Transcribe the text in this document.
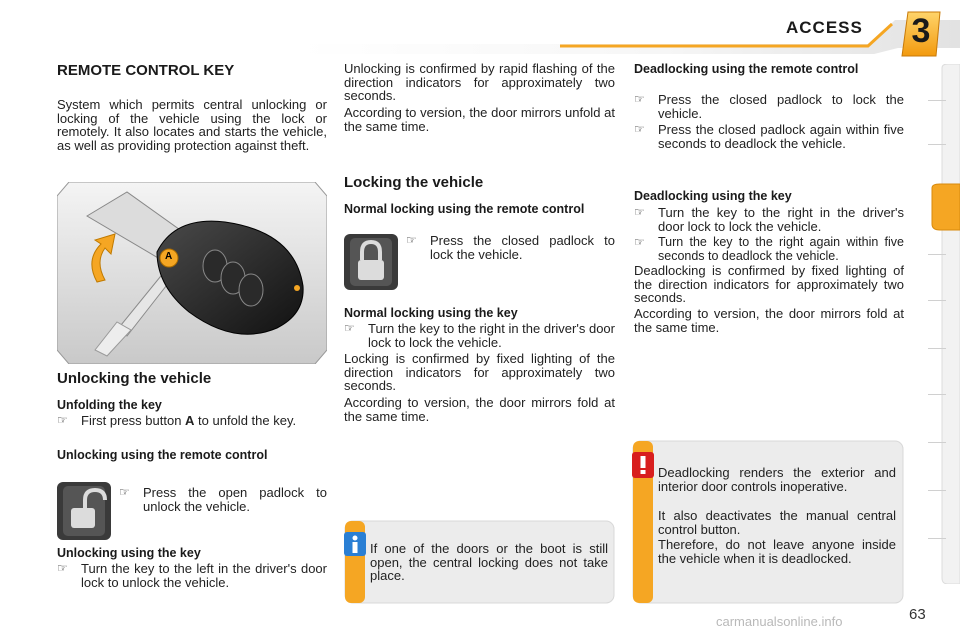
ACCESS 3
REMOTE CONTROL KEY

System which permits central unlocking or locking of the vehicle using the lock or remotely. It also locates and starts the vehicle, as well as providing protection against theft.

A
Unlocking the vehicle
Unfolding the key
☞	First press button A to unfold the key.
Unlocking using the remote control
☞	Press the open padlock to unlock the vehicle.
Unlocking using the key
☞	Turn the key to the left in the driver's door lock to unlock the vehicle.

Unlocking is confirmed by rapid flashing of the direction indicators for approximately two seconds.

According to version, the door mirrors unfold at the same time.

Locking the vehicle
Normal locking using the remote control
☞	Press the closed padlock to lock the vehicle.
Normal locking using the key
☞	Turn the key to the right in the driver's door lock to lock the vehicle.

Locking is confirmed by fixed lighting of the direction indicators for approximately two seconds.

According to version, the door mirrors fold at the same time.

If one of the doors or the boot is still open, the central locking does not take place.
Deadlocking using the remote control
☞	Press the closed padlock to lock the vehicle.
☞	Press the closed padlock again within five seconds to deadlock the vehicle.
Deadlocking using the key
☞	Turn the key to the right in the driver's door lock to lock the vehicle.
☞	Turn the key to the right again within five seconds to deadlock the vehicle.

Deadlocking is confirmed by fixed lighting of the direction indicators for approximately two seconds.

According to version, the door mirrors fold at the same time.

Deadlocking renders the exterior and interior door controls inoperative.
It also deactivates the manual central control button.
Therefore, do not leave anyone inside the vehicle when it is deadlocked.
63
carmanualsonline.info
